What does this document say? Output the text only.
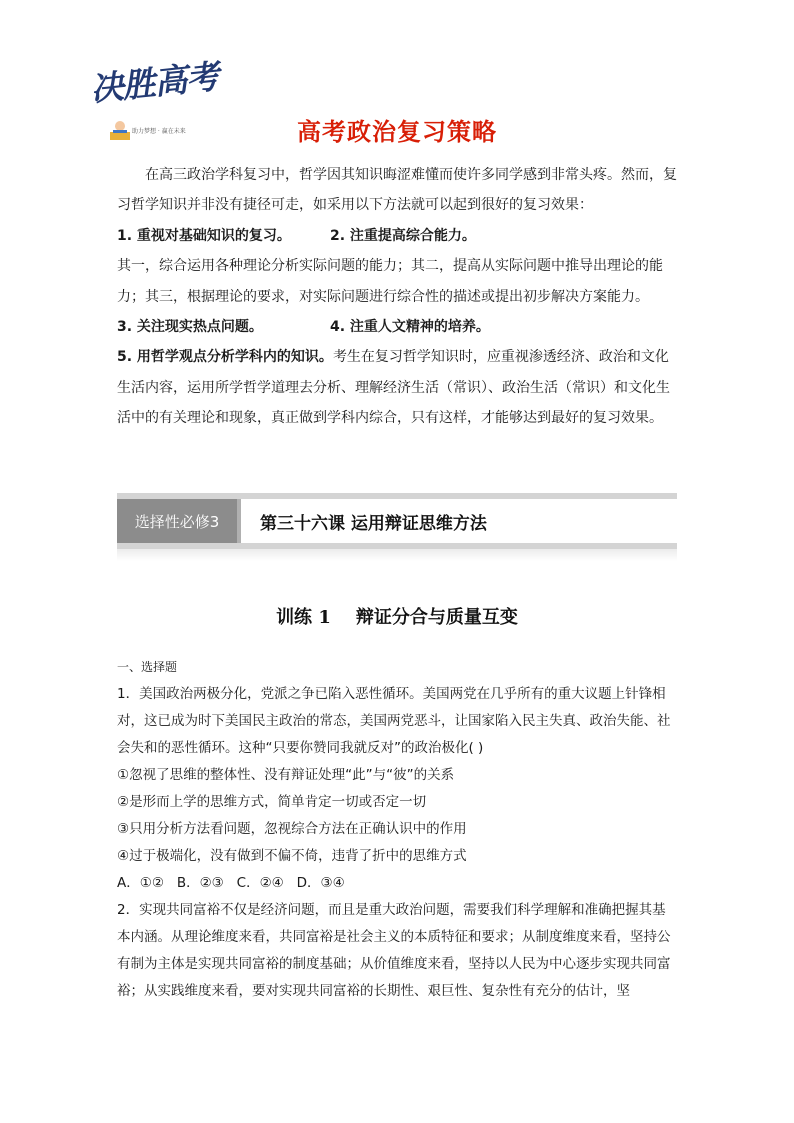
决胜高考
助力梦想 · 赢在未来	高考政治复习策略

在高三政治学科复习中，哲学因其知识晦涩难懂而使许多同学感到非常头疼。然而，复习哲学知识并非没有捷径可走，如采用以下方法就可以起到很好的复习效果：

1. 重视对基础知识的复习。	2. 注重提高综合能力。

其一，综合运用各种理论分析实际问题的能力；其二，提高从实际问题中推导出理论的能力；其三，根据理论的要求，对实际问题进行综合性的描述或提出初步解决方案能力。

3. 关注现实热点问题。	4. 注重人文精神的培养。

5. 用哲学观点分析学科内的知识。考生在复习哲学知识时，应重视渗透经济、政治和文化生活内容，运用所学哲学道理去分析、理解经济生活（常识）、政治生活（常识）和文化生活中的有关理论和现象，真正做到学科内综合，只有这样，才能够达到最好的复习效果。

选择性必修3	第三十六课 运用辩证思维方法
训练 1    辩证分合与质量互变

一、选择题

1．美国政治两极分化，党派之争已陷入恶性循环。美国两党在几乎所有的重大议题上针锋相对，这已成为时下美国民主政治的常态，美国两党恶斗，让国家陷入民主失真、政治失能、社会失和的恶性循环。这种“只要你赞同我就反对”的政治极化( )

①忽视了思维的整体性、没有辩证处理“此”与“彼”的关系

②是形而上学的思维方式，简单肯定一切或否定一切

③只用分析方法看问题，忽视综合方法在正确认识中的作用

④过于极端化，没有做到不偏不倚，违背了折中的思维方式

A．①②   B．②③   C．②④   D．③④

2．实现共同富裕不仅是经济问题，而且是重大政治问题，需要我们科学理解和准确把握其基本内涵。从理论维度来看，共同富裕是社会主义的本质特征和要求；从制度维度来看，坚持公有制为主体是实现共同富裕的制度基础；从价值维度来看，坚持以人民为中心逐步实现共同富裕；从实践维度来看，要对实现共同富裕的长期性、艰巨性、复杂性有充分的估计，坚
